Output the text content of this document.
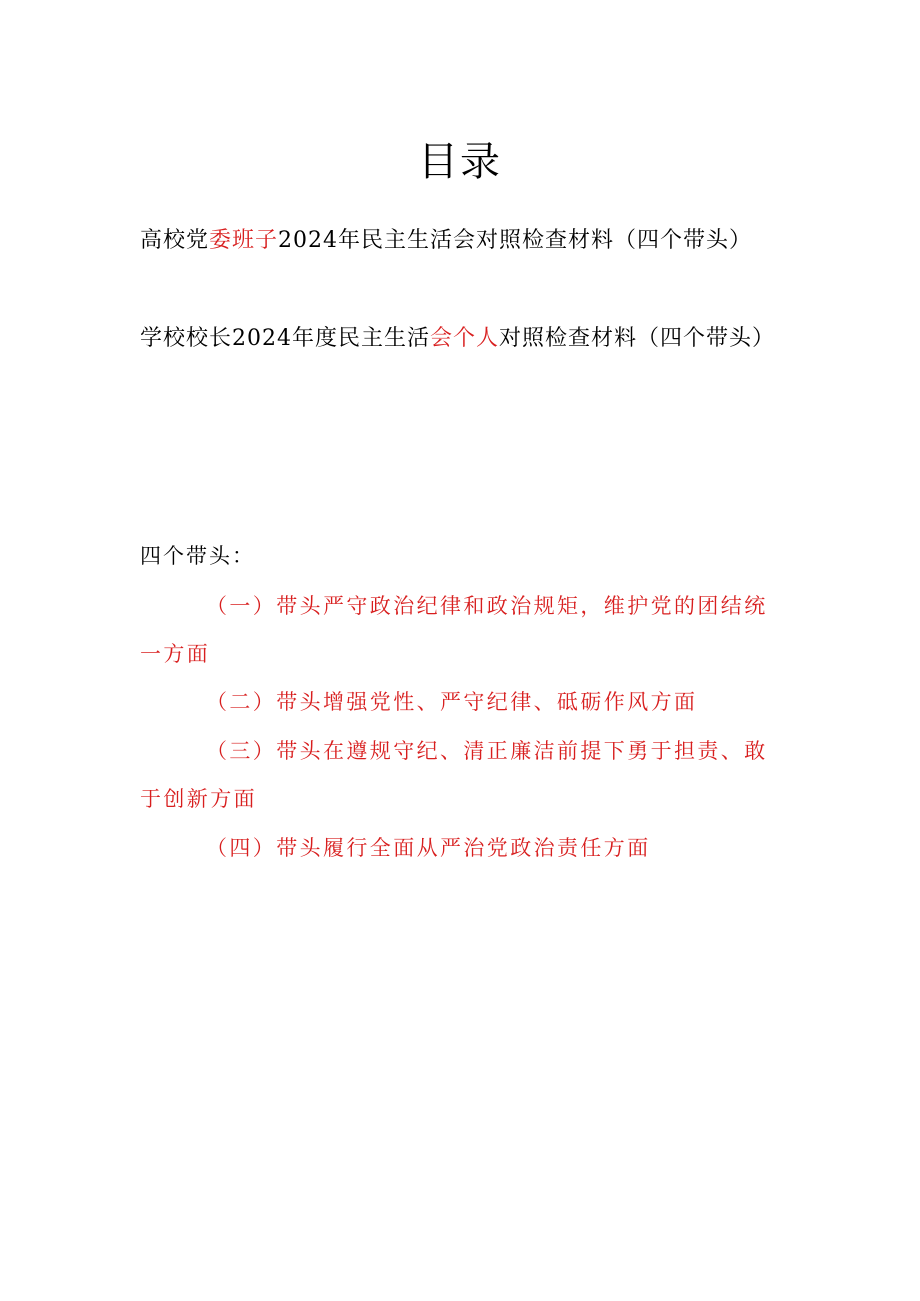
目录
高校党委班子2024年民主生活会对照检查材料（四个带头）
学校校长2024年度民主生活会个人对照检查材料（四个带头）
四个带头：
（一）带头严守政治纪律和政治规矩，维护党的团结统一方面
（二）带头增强党性、严守纪律、砥砺作风方面
（三）带头在遵规守纪、清正廉洁前提下勇于担责、敢于创新方面
（四）带头履行全面从严治党政治责任方面
